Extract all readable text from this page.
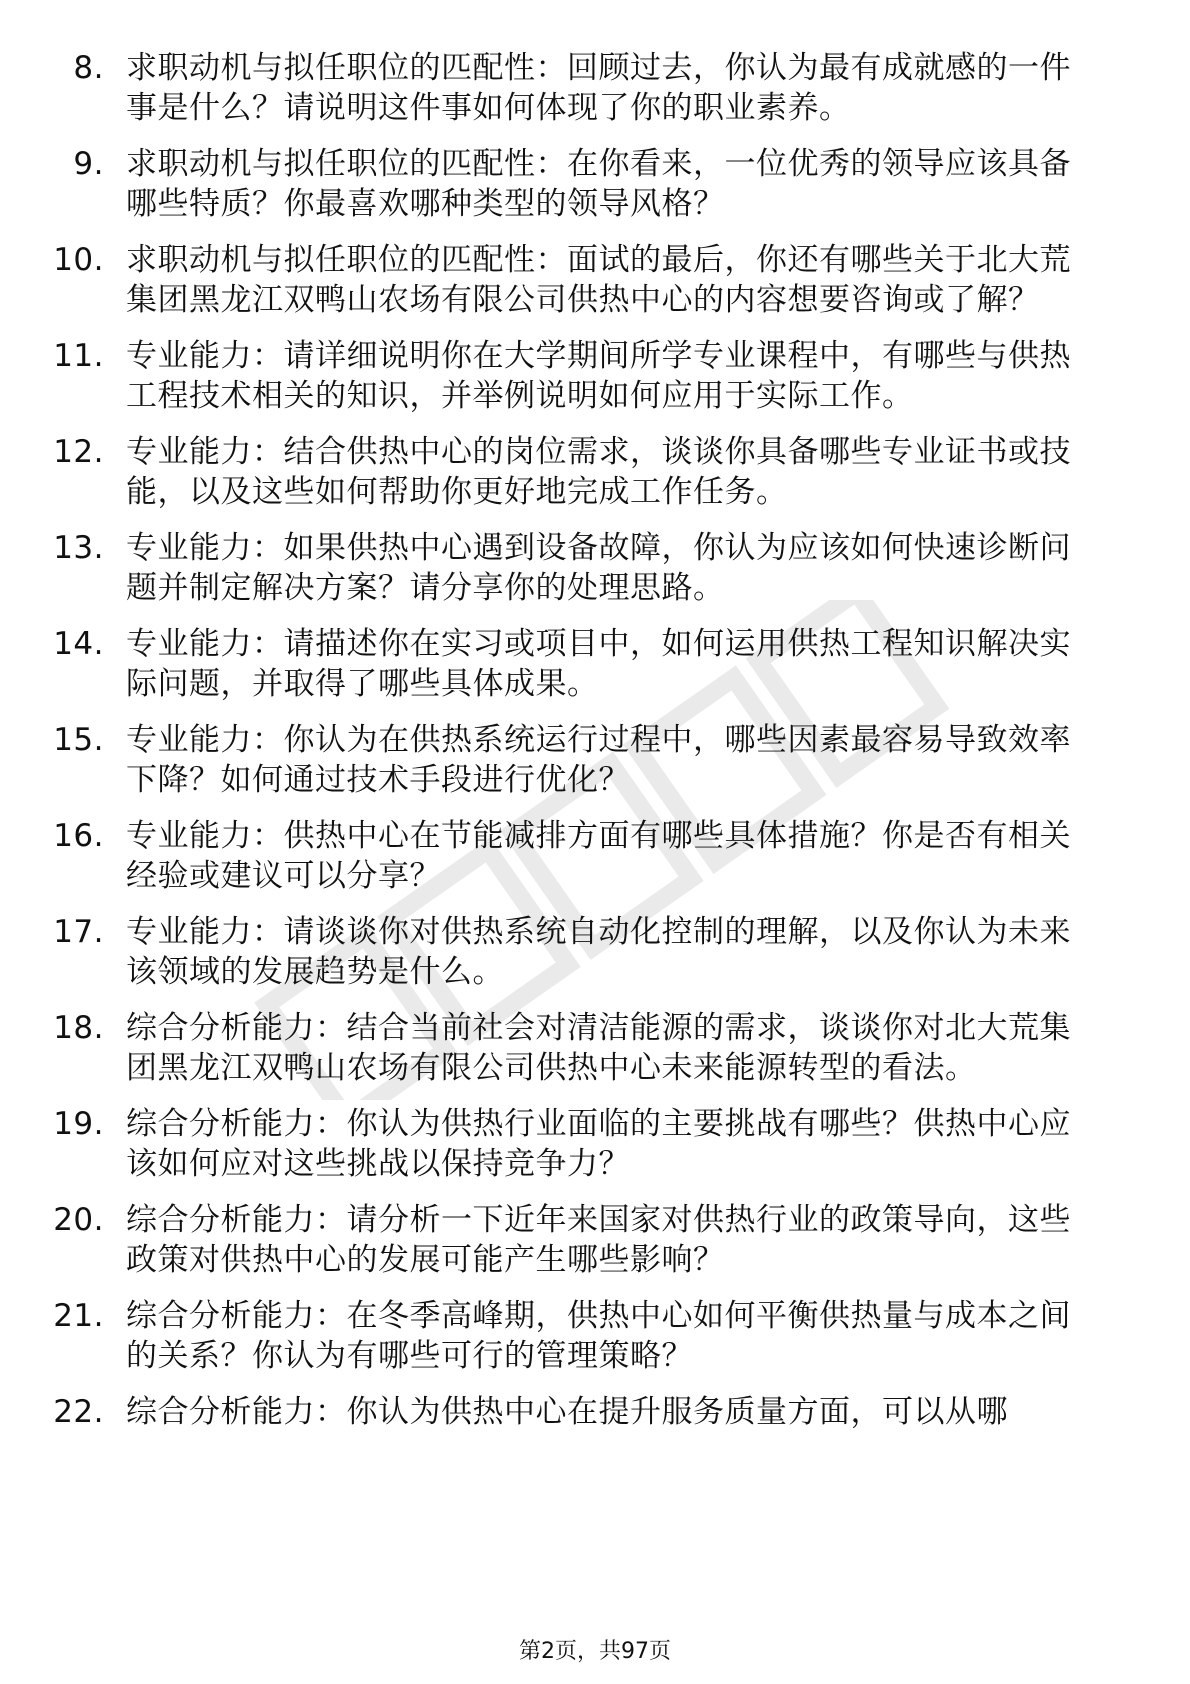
8. 求职动机与拟任职位的匹配性：回顾过去，你认为最有成就感的一件事是什么？请说明这件事如何体现了你的职业素养。
9. 求职动机与拟任职位的匹配性：在你看来，一位优秀的领导应该具备哪些特质？你最喜欢哪种类型的领导风格？
10. 求职动机与拟任职位的匹配性：面试的最后，你还有哪些关于北大荒集团黑龙江双鸭山农场有限公司供热中心的内容想要咨询或了解？
11. 专业能力：请详细说明你在大学期间所学专业课程中，有哪些与供热工程技术相关的知识，并举例说明如何应用于实际工作。
12. 专业能力：结合供热中心的岗位需求，谈谈你具备哪些专业证书或技能，以及这些如何帮助你更好地完成工作任务。
13. 专业能力：如果供热中心遇到设备故障，你认为应该如何快速诊断问题并制定解决方案？请分享你的处理思路。
14. 专业能力：请描述你在实习或项目中，如何运用供热工程知识解决实际问题，并取得了哪些具体成果。
15. 专业能力：你认为在供热系统运行过程中，哪些因素最容易导致效率下降？如何通过技术手段进行优化？
16. 专业能力：供热中心在节能减排方面有哪些具体措施？你是否有相关经验或建议可以分享？
17. 专业能力：请谈谈你对供热系统自动化控制的理解，以及你认为未来该领域的发展趋势是什么。
18. 综合分析能力：结合当前社会对清洁能源的需求，谈谈你对北大荒集团黑龙江双鸭山农场有限公司供热中心未来能源转型的看法。
19. 综合分析能力：你认为供热行业面临的主要挑战有哪些？供热中心应该如何应对这些挑战以保持竞争力？
20. 综合分析能力：请分析一下近年来国家对供热行业的政策导向，这些政策对供热中心的发展可能产生哪些影响？
21. 综合分析能力：在冬季高峰期，供热中心如何平衡供热量与成本之间的关系？你认为有哪些可行的管理策略？
22. 综合分析能力：你认为供热中心在提升服务质量方面，可以从哪
第2页，共97页
